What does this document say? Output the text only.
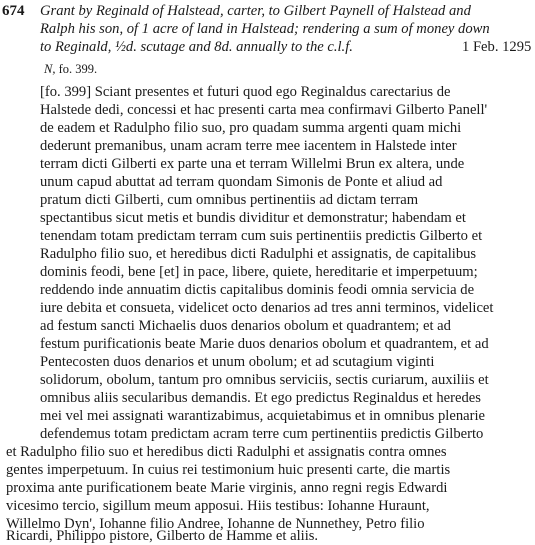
674 Grant by Reginald of Halstead, carter, to Gilbert Paynell of Halstead and
Ralph his son, of 1 acre of land in Halstead; rendering a sum of money down
to Reginald, ½d. scutage and 8d. annually to the c.l.f.	1 Feb. 1295
N, fo. 399.
[fo. 399] Sciant presentes et futuri quod ego Reginaldus carectarius de
Halstede dedi, concessi et hac presenti carta mea confirmavi Gilberto Panell'
de eadem et Radulpho filio suo, pro quadam summa argenti quam michi
dederunt premanibus, unam acram terre mee iacentem in Halstede inter
terram dicti Gilberti ex parte una et terram Willelmi Brun ex altera, unde
unum capud abuttat ad terram quondam Simonis de Ponte et aliud ad
pratum dicti Gilberti, cum omnibus pertinentiis ad dictam terram
spectantibus sicut metis et bundis dividitur et demonstratur; habendam et
tenendam totam predictam terram cum suis pertinentiis predictis Gilberto et
Radulpho filio suo, et heredibus dicti Radulphi et assignatis, de capitalibus
dominis feodi, bene [et] in pace, libere, quiete, hereditarie et imperpetuum;
reddendo inde annuatim dictis capitalibus dominis feodi omnia servicia de
iure debita et consueta, videlicet octo denarios ad tres anni terminos, videlicet
ad festum sancti Michaelis duos denarios obolum et quadrantem; et ad
festum purificationis beate Marie duos denarios obolum et quadrantem, et ad
Pentecosten duos denarios et unum obolum; et ad scutagium viginti
solidorum, obolum, tantum pro omnibus serviciis, sectis curiarum, auxiliis et
omnibus aliis secularibus demandis. Et ego predictus Reginaldus et heredes
mei vel mei assignati warantizabimus, acquietabimus et in omnibus plenarie
defendemus totam predictam acram terre cum pertinentiis predictis Gilberto
et Radulpho filio suo et heredibus dicti Radulphi et assignatis contra omnes
gentes imperpetuum. In cuius rei testimonium huic presenti carte, die martis
proxima ante purificationem beate Marie virginis, anno regni regis Edwardi
vicesimo tercio, sigillum meum apposui. Hiis testibus: Iohanne Hurаunt,
Willelmo Dyn', Iohanne filio Andree, Iohanne de Nunnethey, Petro filio
Ricardi, Philippo pistore, Gilberto de Hamme et aliis.
